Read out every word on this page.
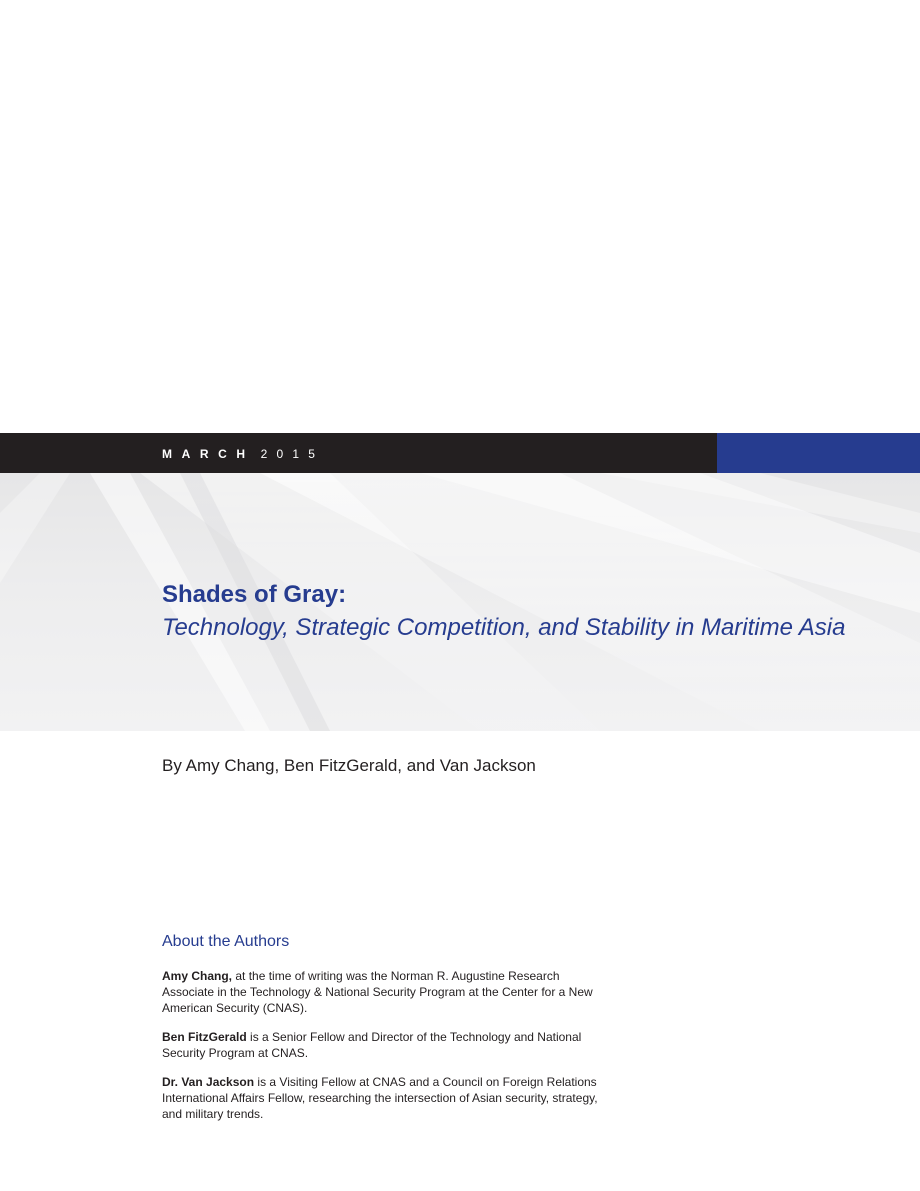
MARCH 2015
Shades of Gray:
Technology, Strategic Competition, and Stability in Maritime Asia
By Amy Chang, Ben FitzGerald, and Van Jackson
About the Authors
Amy Chang, at the time of writing was the Norman R. Augustine Research
Associate in the Technology & National Security Program at the Center for a New
American Security (CNAS).
Ben FitzGerald is a Senior Fellow and Director of the Technology and National
Security Program at CNAS.
Dr. Van Jackson is a Visiting Fellow at CNAS and a Council on Foreign Relations
International Affairs Fellow, researching the intersection of Asian security, strategy,
and military trends.
